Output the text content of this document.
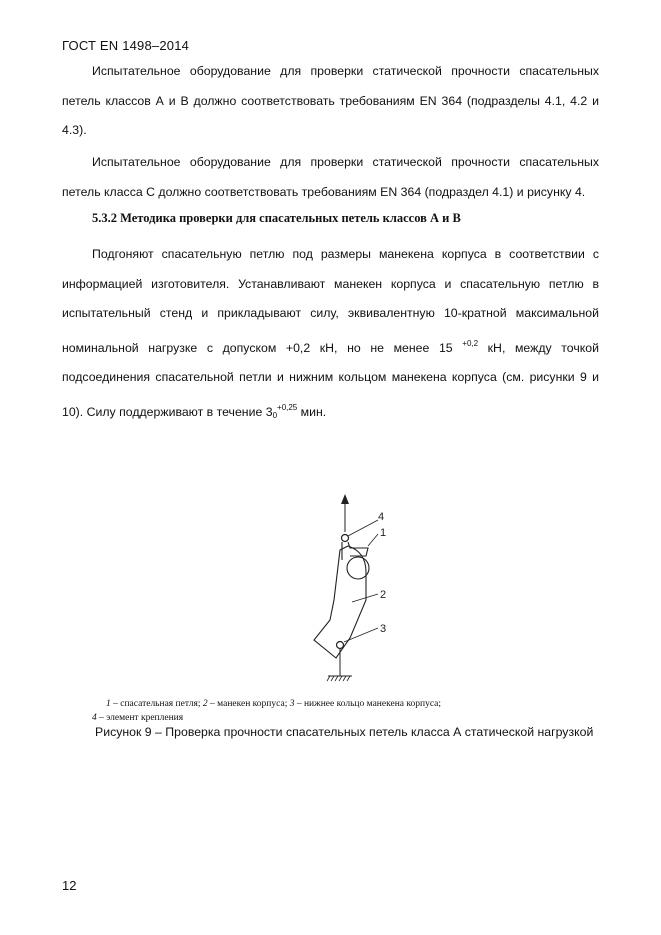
ГОСТ EN 1498–2014

Испытательное оборудование для проверки статической прочности спасательных петель классов А и В должно соответствовать требованиям EN 364 (подразделы 4.1, 4.2 и 4.3).

Испытательное оборудование для проверки статической прочности спасательных петель класса С должно соответствовать требованиям EN 364 (подраздел 4.1) и рисунку 4.

5.3.2 Методика проверки для спасательных петель классов А и В

Подгоняют спасательную петлю под размеры манекена корпуса в соответствии с информацией изготовителя. Устанавливают манекен корпуса и спасательную петлю в испытательный стенд и прикладывают силу, эквивалентную 10-кратной максимальной номинальной нагрузке с допуском +0,2 кН, но не менее 15 $^{+0,2}$ кН, между точкой подсоединения спасательной петли и нижним кольцом манекена корпуса (см. рисунки 9 и 10). Силу поддерживают в течение $3_0^{+0,25}$ мин.

4
1
2
3
1 – спасательная петля; 2 – манекен корпуса; 3 – нижнее кольцо манекена корпуса;
4 – элемент крепления
Рисунок 9 – Проверка прочности спасательных петель класса А статической нагрузкой
12
